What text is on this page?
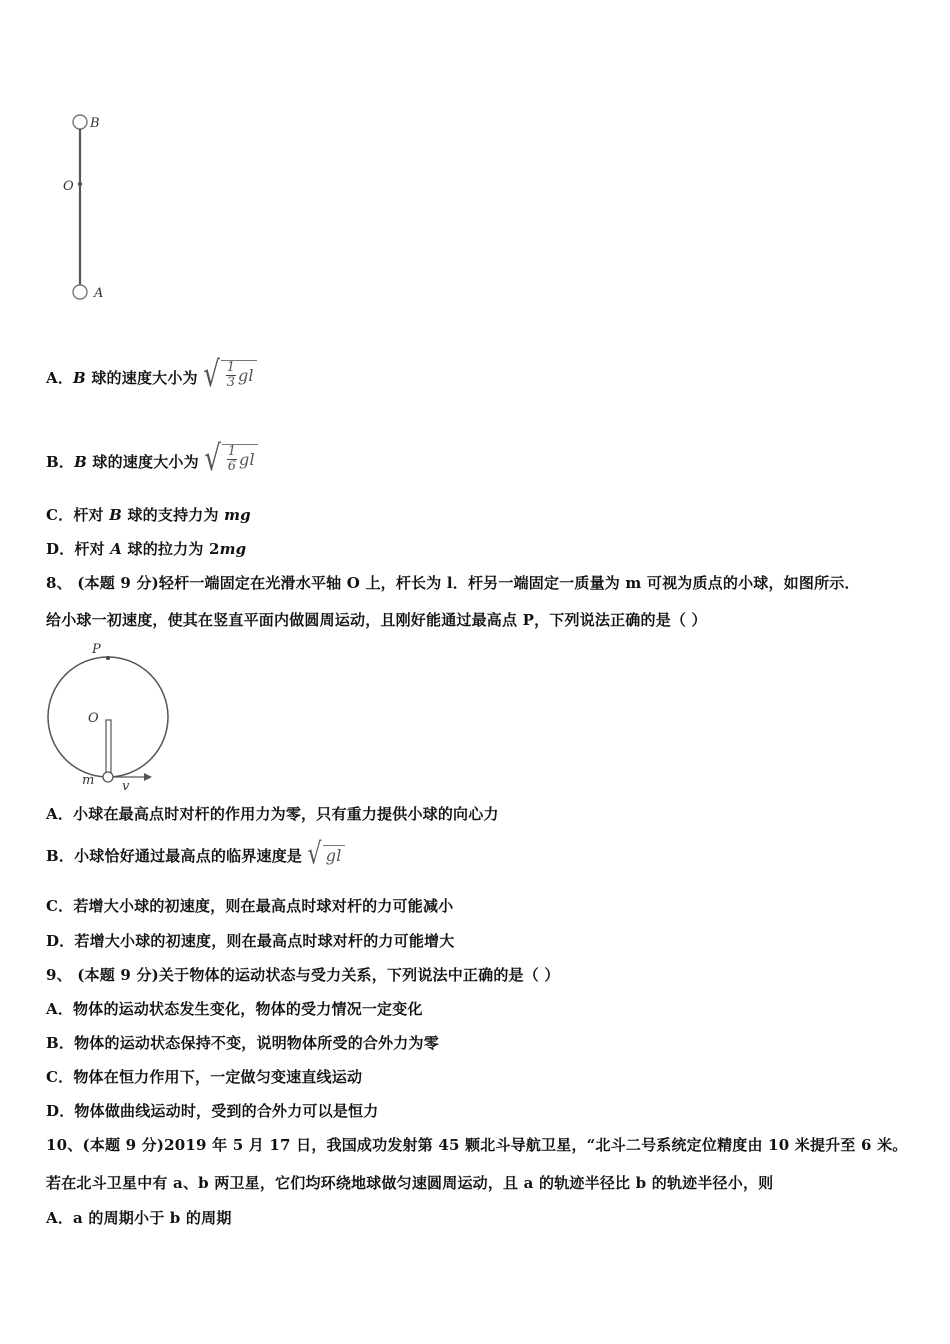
B
O
A
A．B 球的速度大小为 √ $\frac{1}{3}$ gl
B．B 球的速度大小为 √ $\frac{1}{6}$ gl
C．杆对 B 球的支持力为 mg
D．杆对 A 球的拉力为 2mg
8、 (本题 9 分)轻杆一端固定在光滑水平轴 O 上，杆长为 l．杆另一端固定一质量为 m 可视为质点的小球，如图所示．
给小球一初速度，使其在竖直平面内做圆周运动，且刚好能通过最高点 P，下列说法正确的是（ ）
P
O
m v
A．小球在最高点时对杆的作用力为零，只有重力提供小球的向心力
B．小球恰好通过最高点的临界速度是 √ gl
C．若增大小球的初速度，则在最高点时球对杆的力可能减小
D．若增大小球的初速度，则在最高点时球对杆的力可能增大
9、 (本题 9 分)关于物体的运动状态与受力关系，下列说法中正确的是（ ）
A．物体的运动状态发生变化，物体的受力情况一定变化
B．物体的运动状态保持不变，说明物体所受的合外力为零
C．物体在恒力作用下，一定做匀变速直线运动
D．物体做曲线运动时，受到的合外力可以是恒力
10、(本题 9 分)2019 年 5 月 17 日，我国成功发射第 45 颗北斗导航卫星，“北斗二号系统定位精度由 10 米提升至 6 米。
若在北斗卫星中有 a、b 两卫星，它们均环绕地球做匀速圆周运动，且 a 的轨迹半径比 b 的轨迹半径小，则
A．a 的周期小于 b 的周期
